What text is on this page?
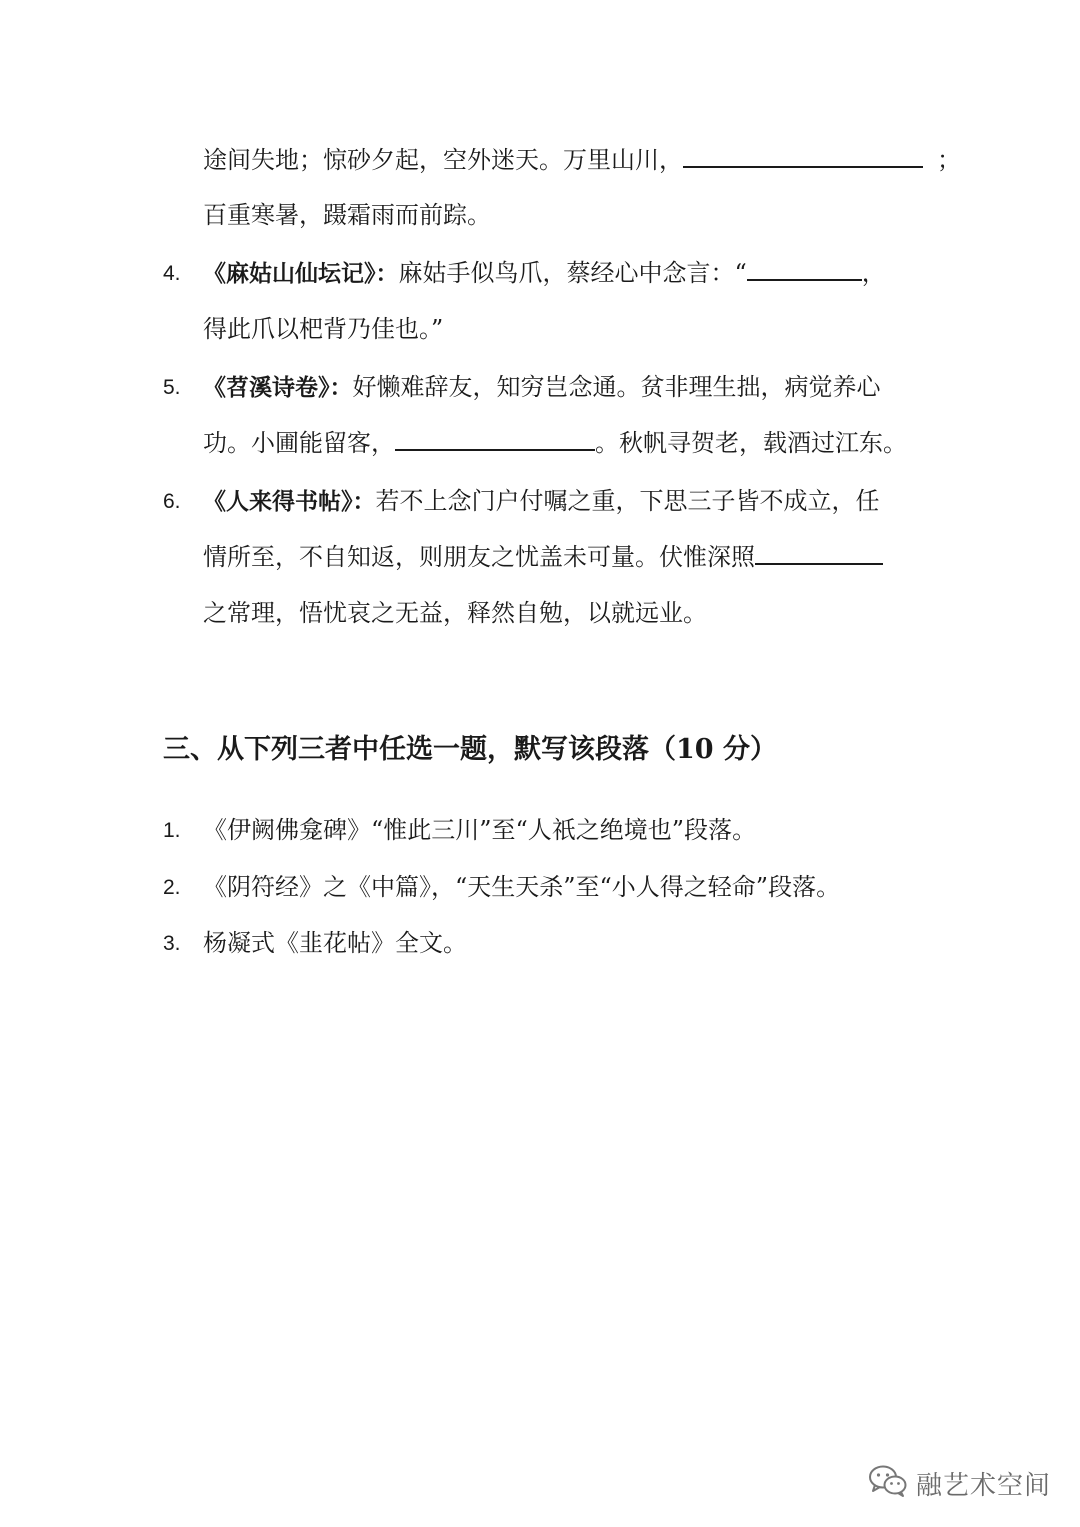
途间失地；惊砂夕起，空外迷天。万里山川，	；
百重寒暑，蹑霜雨而前踪。
4. 《麻姑山仙坛记》：麻姑手似鸟爪，蔡经心中念言：“	，
得此爪以杷背乃佳也。”
5. 《苕溪诗卷》：好懒难辞友，知穷岂念通。贫非理生拙，病觉养心
功。小圃能留客，	。秋帆寻贺老，载酒过江东。
6. 《人来得书帖》：若不上念门户付嘱之重，下思三子皆不成立，任
情所至，不自知返，则朋友之忧盖未可量。伏惟深照
之常理，悟忧哀之无益，释然自勉，以就远业。
三、从下列三者中任选一题，默写该段落（10 分）
1. 《伊阙佛龛碑》“惟此三川”至“人祇之绝境也”段落。
2. 《阴符经》之《中篇》，“天生天杀”至“小人得之轻命”段落。
3. 杨凝式《韭花帖》全文。
融艺术空间
